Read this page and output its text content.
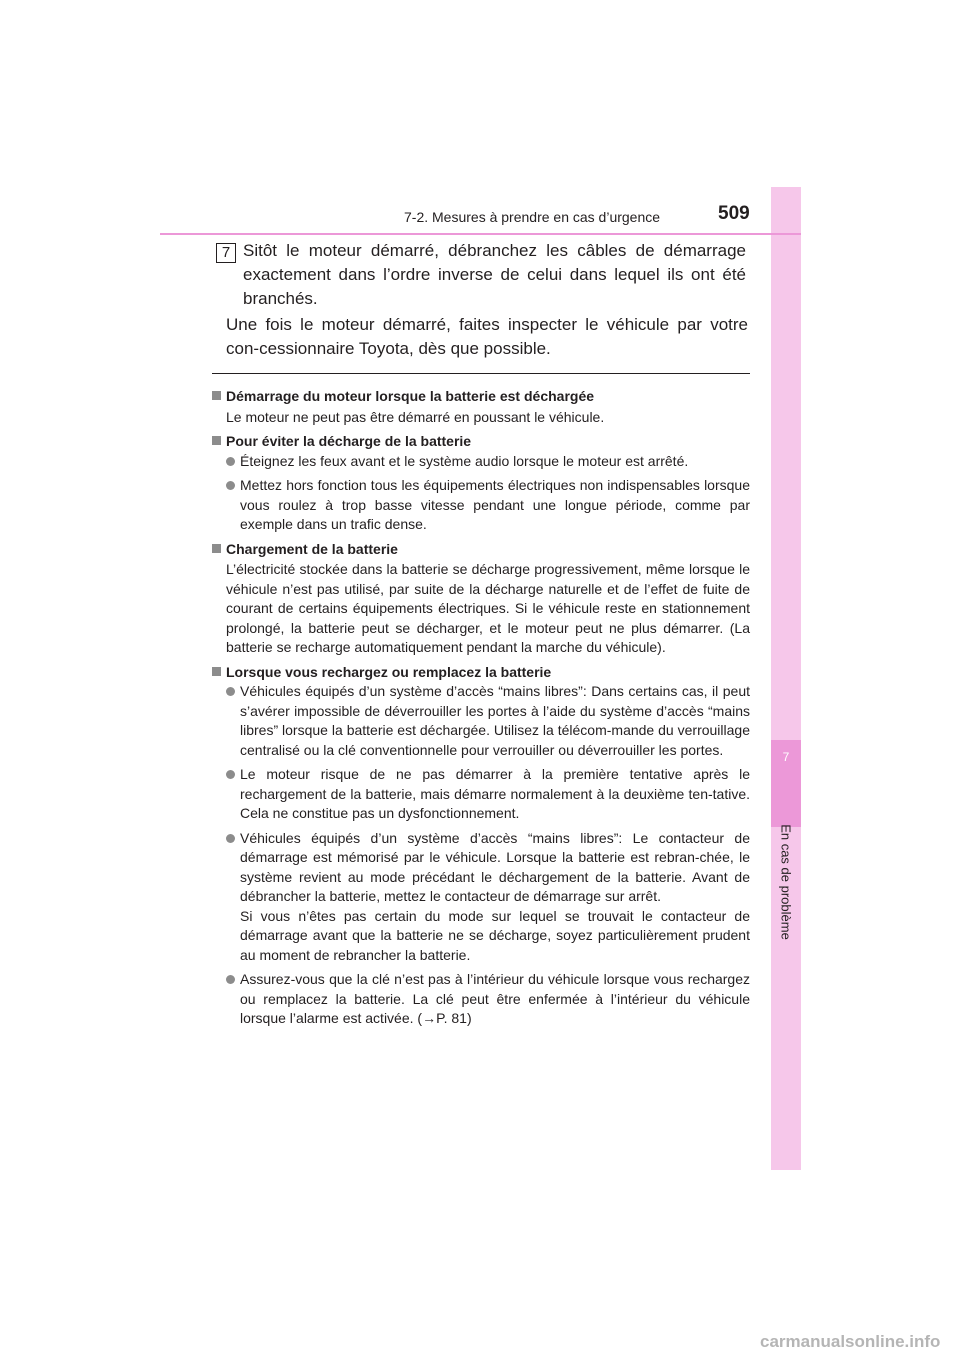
7
En cas de problème
7-2. Mesures à prendre en cas d’urgence	509
7 Sitôt le moteur démarré, débranchez les câbles de démarrage exactement dans l’ordre inverse de celui dans lequel ils ont été branchés.
Une fois le moteur démarré, faites inspecter le véhicule par votre con-cessionnaire Toyota, dès que possible.

Démarrage du moteur lorsque la batterie est déchargée

Le moteur ne peut pas être démarré en poussant le véhicule.

Pour éviter la décharge de la batterie

Éteignez les feux avant et le système audio lorsque le moteur est arrêté.

Mettez hors fonction tous les équipements électriques non indispensables lorsque vous roulez à trop basse vitesse pendant une longue période, comme par exemple dans un trafic dense.

Chargement de la batterie

L’électricité stockée dans la batterie se décharge progressivement, même lorsque le véhicule n’est pas utilisé, par suite de la décharge naturelle et de l’effet de fuite de courant de certains équipements électriques. Si le véhicule reste en stationnement prolongé, la batterie peut se décharger, et le moteur peut ne plus démarrer. (La batterie se recharge automatiquement pendant la marche du véhicule).

Lorsque vous rechargez ou remplacez la batterie

Véhicules équipés d’un système d’accès “mains libres”: Dans certains cas, il peut s’avérer impossible de déverrouiller les portes à l’aide du système d’accès “mains libres” lorsque la batterie est déchargée. Utilisez la télécom-mande du verrouillage centralisé ou la clé conventionnelle pour verrouiller ou déverrouiller les portes.

Le moteur risque de ne pas démarrer à la première tentative après le rechargement de la batterie, mais démarre normalement à la deuxième ten-tative. Cela ne constitue pas un dysfonctionnement.

Véhicules équipés d’un système d’accès “mains libres”: Le contacteur de démarrage est mémorisé par le véhicule. Lorsque la batterie est rebran-chée, le système revient au mode précédant le déchargement de la batterie. Avant de débrancher la batterie, mettez le contacteur de démarrage sur arrêt.
Si vous n’êtes pas certain du mode sur lequel se trouvait le contacteur de démarrage avant que la batterie ne se décharge, soyez particulièrement prudent au moment de rebrancher la batterie.

Assurez-vous que la clé n’est pas à l’intérieur du véhicule lorsque vous rechargez ou remplacez la batterie. La clé peut être enfermée à l’intérieur du véhicule lorsque l’alarme est activée. (→P. 81)

carmanualsonline.info
